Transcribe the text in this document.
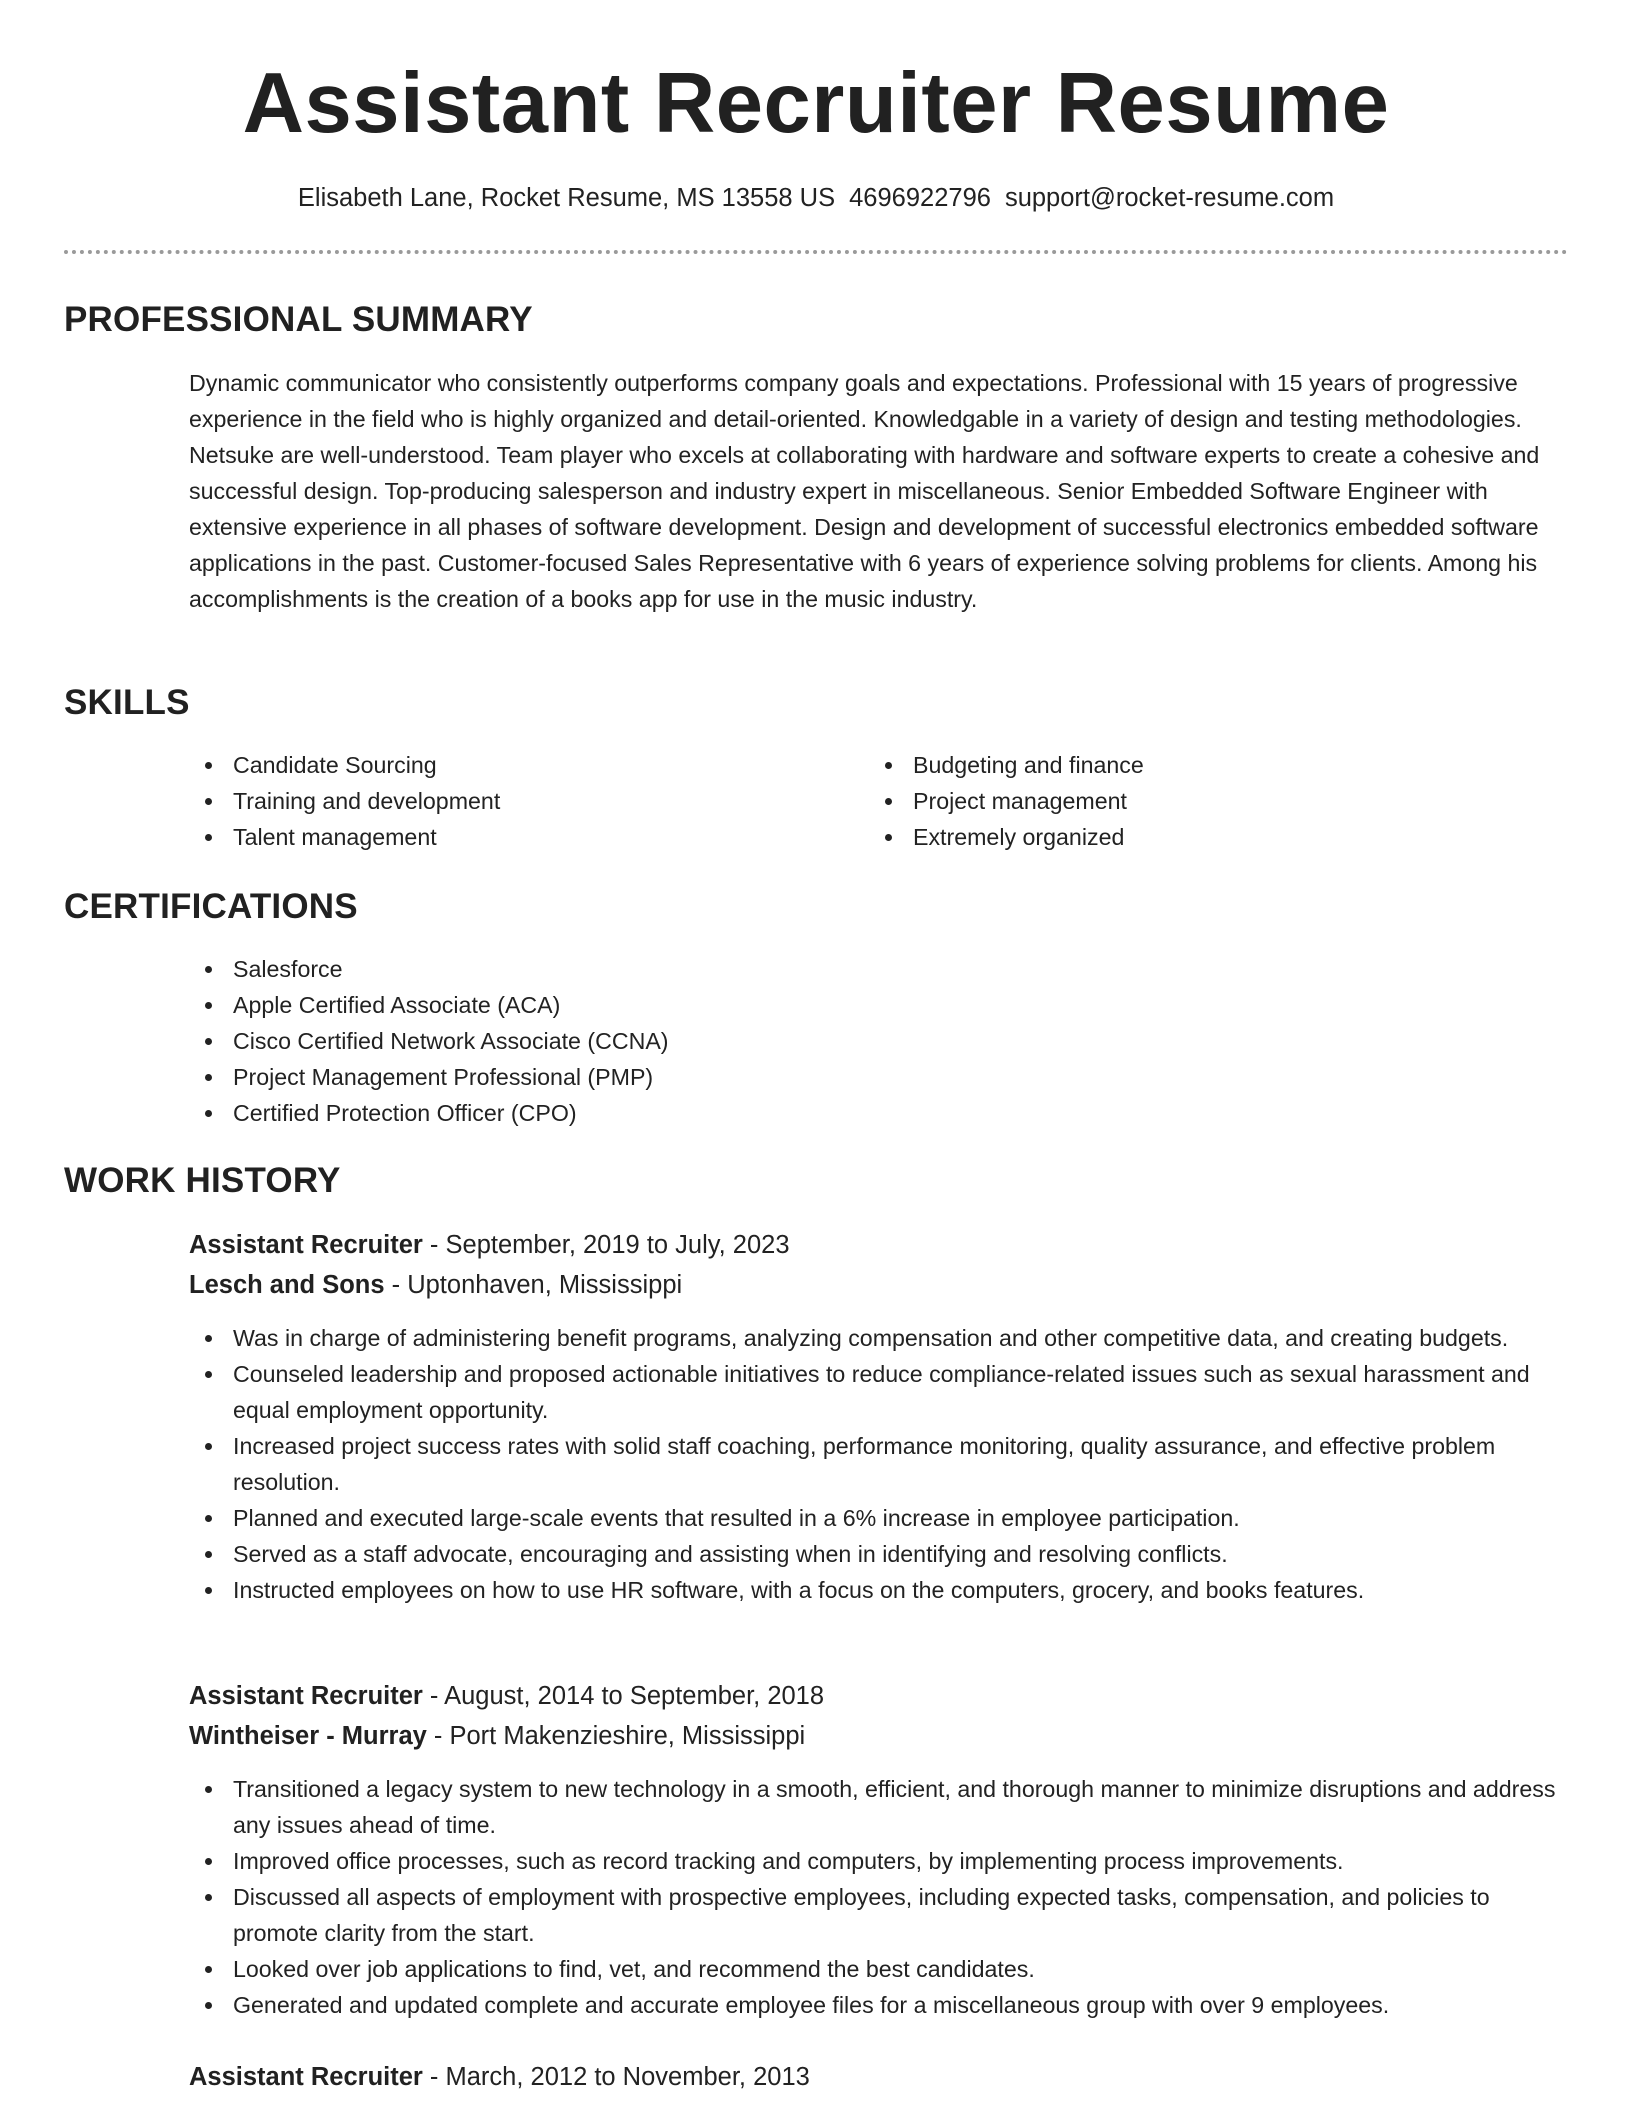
Assistant Recruiter Resume
Elisabeth Lane, Rocket Resume, MS 13558 US 4696922796 support@rocket-resume.com
PROFESSIONAL SUMMARY

Dynamic communicator who consistently outperforms company goals and expectations. Professional with 15 years of progressive experience in the field who is highly organized and detail-oriented. Knowledgable in a variety of design and testing methodologies. Netsuke are well-understood. Team player who excels at collaborating with hardware and software experts to create a cohesive and successful design. Top-producing salesperson and industry expert in miscellaneous. Senior Embedded Software Engineer with extensive experience in all phases of software development. Design and development of successful electronics embedded software applications in the past. Customer-focused Sales Representative with 6 years of experience solving problems for clients. Among his accomplishments is the creation of a books app for use in the music industry.

SKILLS
Candidate Sourcing
Training and development
Talent management
Budgeting and finance
Project management
Extremely organized
CERTIFICATIONS
Salesforce
Apple Certified Associate (ACA)
Cisco Certified Network Associate (CCNA)
Project Management Professional (PMP)
Certified Protection Officer (CPO)
WORK HISTORY
Assistant Recruiter - September, 2019 to July, 2023
Lesch and Sons - Uptonhaven, Mississippi
Was in charge of administering benefit programs, analyzing compensation and other competitive data, and creating budgets.
Counseled leadership and proposed actionable initiatives to reduce compliance-related issues such as sexual harassment and equal employment opportunity.
Increased project success rates with solid staff coaching, performance monitoring, quality assurance, and effective problem resolution.
Planned and executed large-scale events that resulted in a 6% increase in employee participation.
Served as a staff advocate, encouraging and assisting when in identifying and resolving conflicts.
Instructed employees on how to use HR software, with a focus on the computers, grocery, and books features.
Assistant Recruiter - August, 2014 to September, 2018
Wintheiser - Murray - Port Makenzieshire, Mississippi
Transitioned a legacy system to new technology in a smooth, efficient, and thorough manner to minimize disruptions and address any issues ahead of time.
Improved office processes, such as record tracking and computers, by implementing process improvements.
Discussed all aspects of employment with prospective employees, including expected tasks, compensation, and policies to promote clarity from the start.
Looked over job applications to find, vet, and recommend the best candidates.
Generated and updated complete and accurate employee files for a miscellaneous group with over 9 employees.
Assistant Recruiter - March, 2012 to November, 2013
